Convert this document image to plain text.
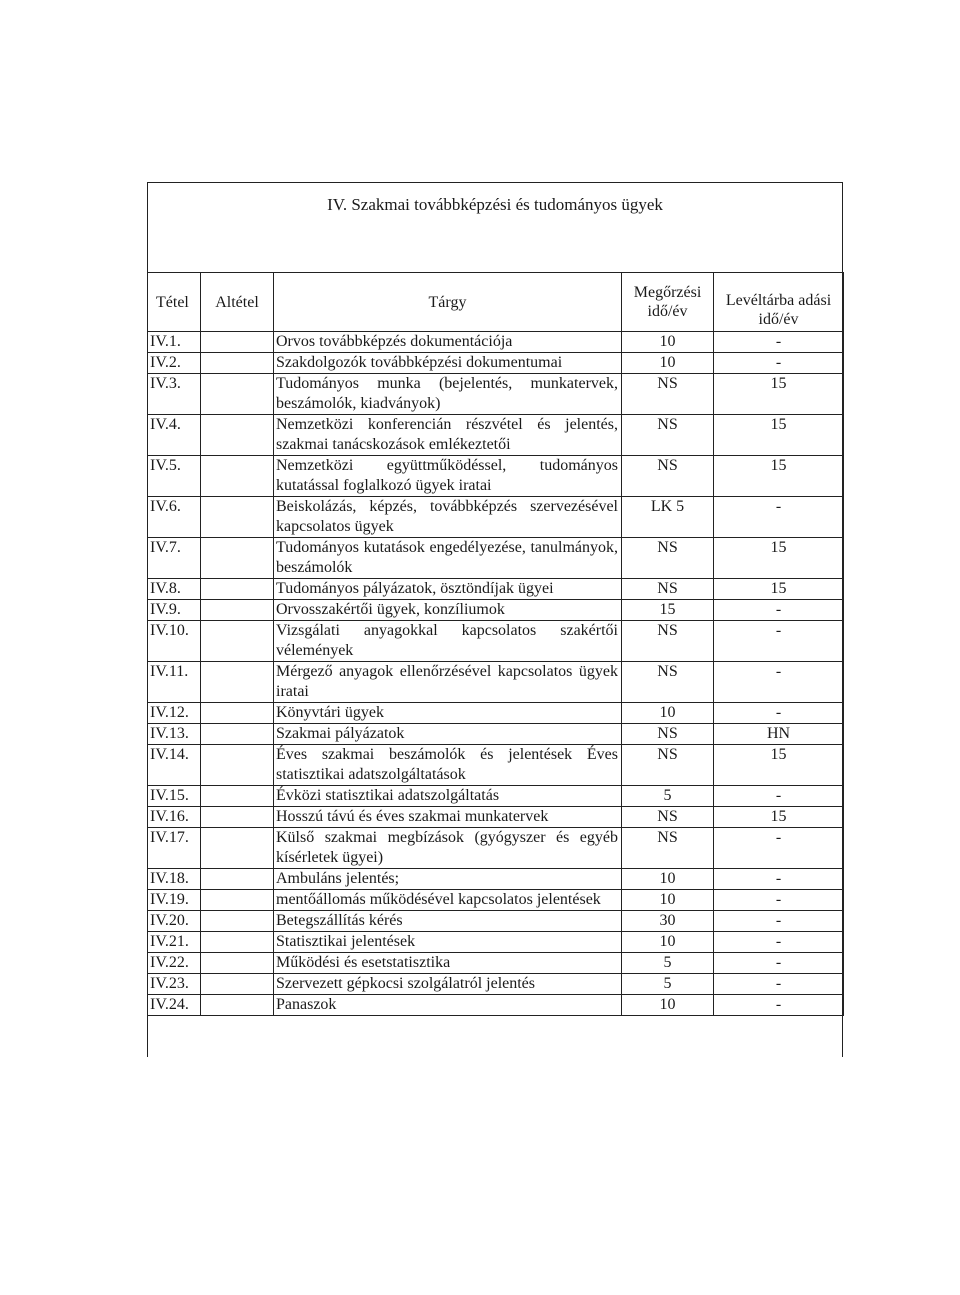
IV. Szakmai továbbképzési és tudományos ügyek
Tétel	Altétel	Tárgy	Megőrzési idő/év	Levéltárba adási idő/év
IV.1.		Orvos továbbképzés dokumentációja	10	-
IV.2.		Szakdolgozók továbbképzési dokumentumai	10	-
IV.3.		Tudományos munka (bejelentés, munkatervek, beszámolók, kiadványok)	NS	15
IV.4.		Nemzetközi konferencián részvétel és jelentés, szakmai tanácskozások emlékeztetői	NS	15
IV.5.		Nemzetközi együttműködéssel, tudományos kutatással foglalkozó ügyek iratai	NS	15
IV.6.		Beiskolázás, képzés, továbbképzés szervezésével kapcsolatos ügyek	LK 5	-
IV.7.		Tudományos kutatások engedélyezése, tanulmányok, beszámolók	NS	15
IV.8.		Tudományos pályázatok, ösztöndíjak ügyei	NS	15
IV.9.		Orvosszakértői ügyek, konzíliumok	15	-
IV.10.		Vizsgálati anyagokkal kapcsolatos szakértői vélemények	NS	-
IV.11.		Mérgező anyagok ellenőrzésével kapcsolatos ügyek iratai	NS	-
IV.12.		Könyvtári ügyek	10	-
IV.13.		Szakmai pályázatok	NS	HN
IV.14.		Éves szakmai beszámolók és jelentések Éves statisztikai adatszolgáltatások	NS	15
IV.15.		Évközi statisztikai adatszolgáltatás	5	-
IV.16.		Hosszú távú és éves szakmai munkatervek	NS	15
IV.17.		Külső szakmai megbízások (gyógyszer és egyéb kísérletek ügyei)	NS	-
IV.18.		Ambuláns jelentés;	10	-
IV.19.		mentőállomás működésével kapcsolatos jelentések	10	-
IV.20.		Betegszállítás kérés	30	-
IV.21.		Statisztikai jelentések	10	-
IV.22.		Működési és esetstatisztika	5	-
IV.23.		Szervezett gépkocsi szolgálatról jelentés	5	-
IV.24.		Panaszok	10	-
